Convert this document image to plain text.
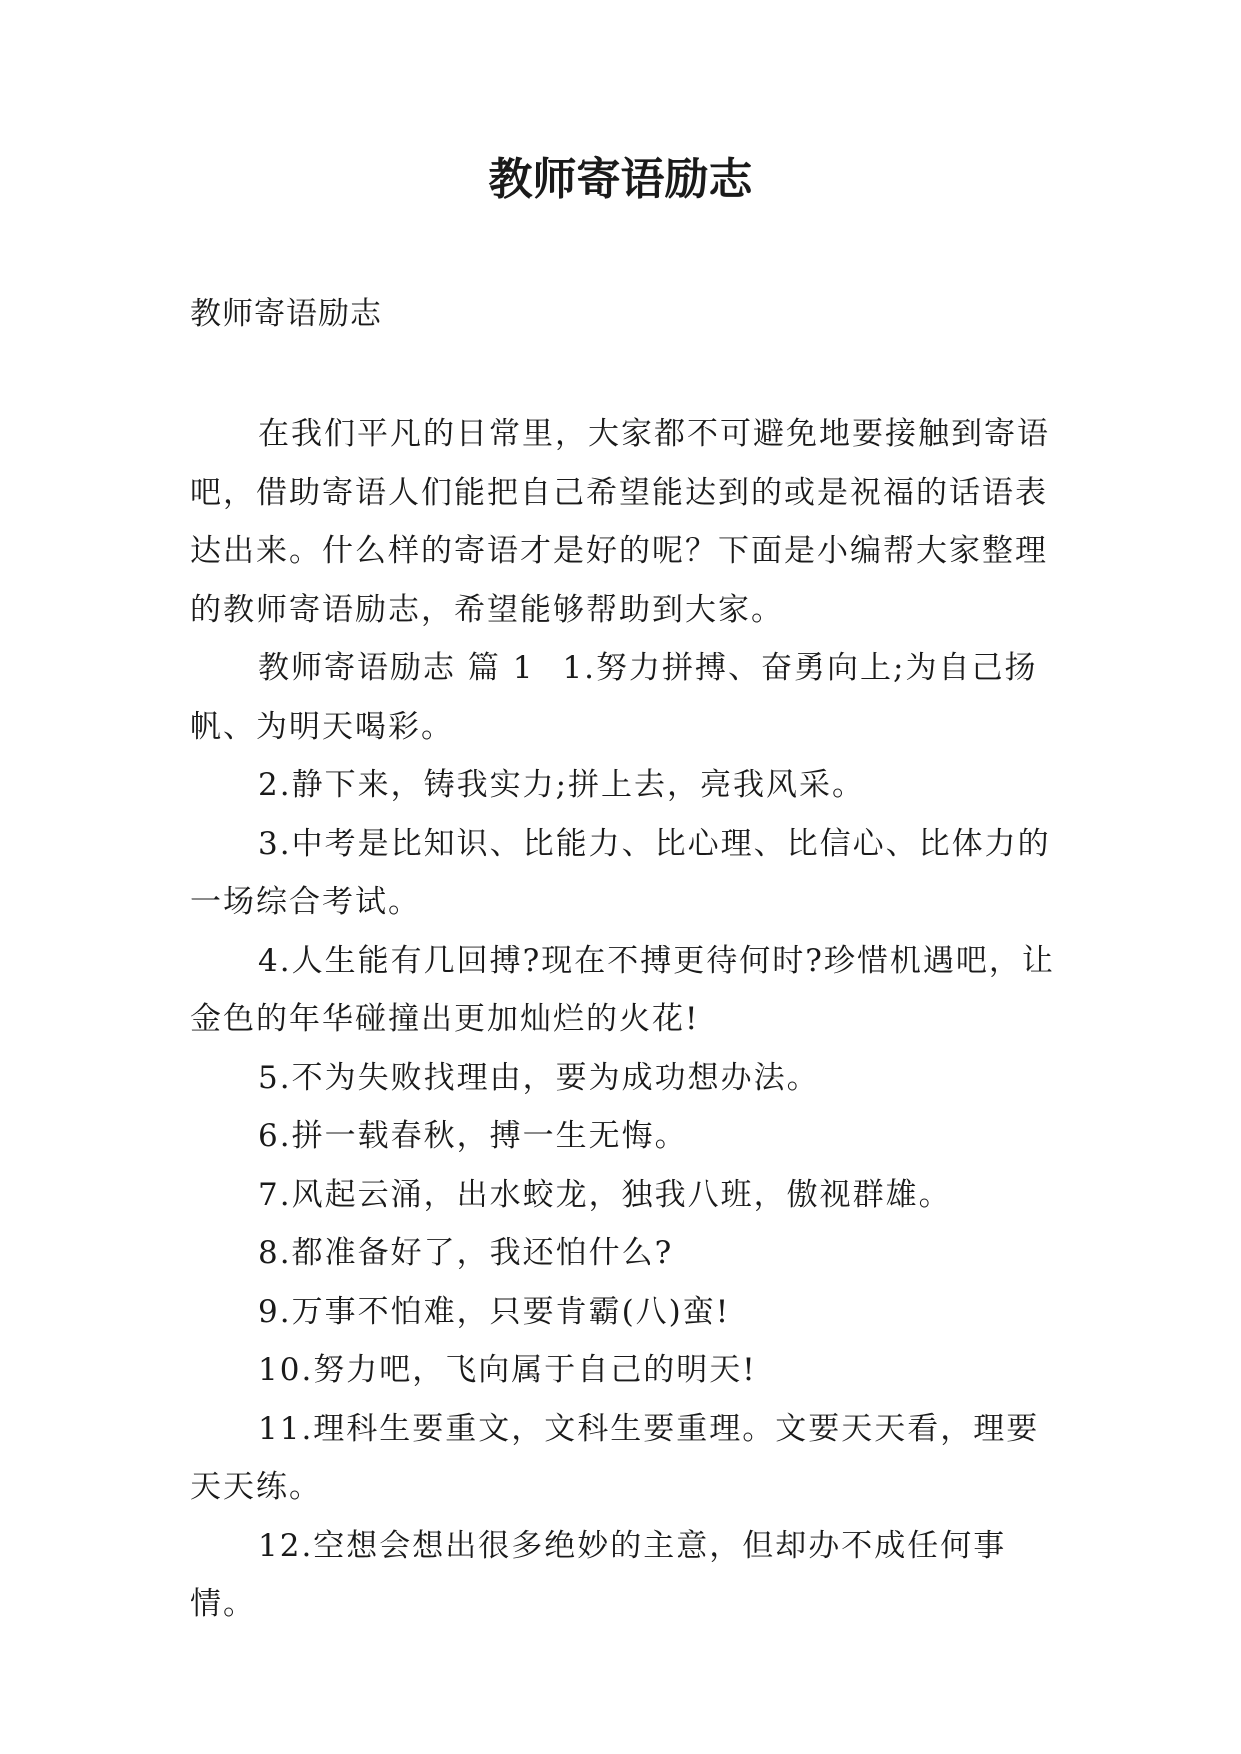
教师寄语励志

教师寄语励志

在我们平凡的日常里，大家都不可避免地要接触到寄语吧，借助寄语人们能把自己希望能达到的或是祝福的话语表达出来。什么样的寄语才是好的呢？下面是小编帮大家整理的教师寄语励志，希望能够帮助到大家。

教师寄语励志 篇 1 1.努力拼搏、奋勇向上;为自己扬帆、为明天喝彩。

2.静下来，铸我实力;拼上去，亮我风采。

3.中考是比知识、比能力、比心理、比信心、比体力的一场综合考试。

4.人生能有几回搏?现在不搏更待何时?珍惜机遇吧，让金色的年华碰撞出更加灿烂的火花!

5.不为失败找理由，要为成功想办法。

6.拼一载春秋，搏一生无悔。

7.风起云涌，出水蛟龙，独我八班，傲视群雄。

8.都准备好了，我还怕什么?

9.万事不怕难，只要肯霸(八)蛮!

10.努力吧，飞向属于自己的明天!

11.理科生要重文，文科生要重理。文要天天看，理要天天练。

12.空想会想出很多绝妙的主意，但却办不成任何事情。
